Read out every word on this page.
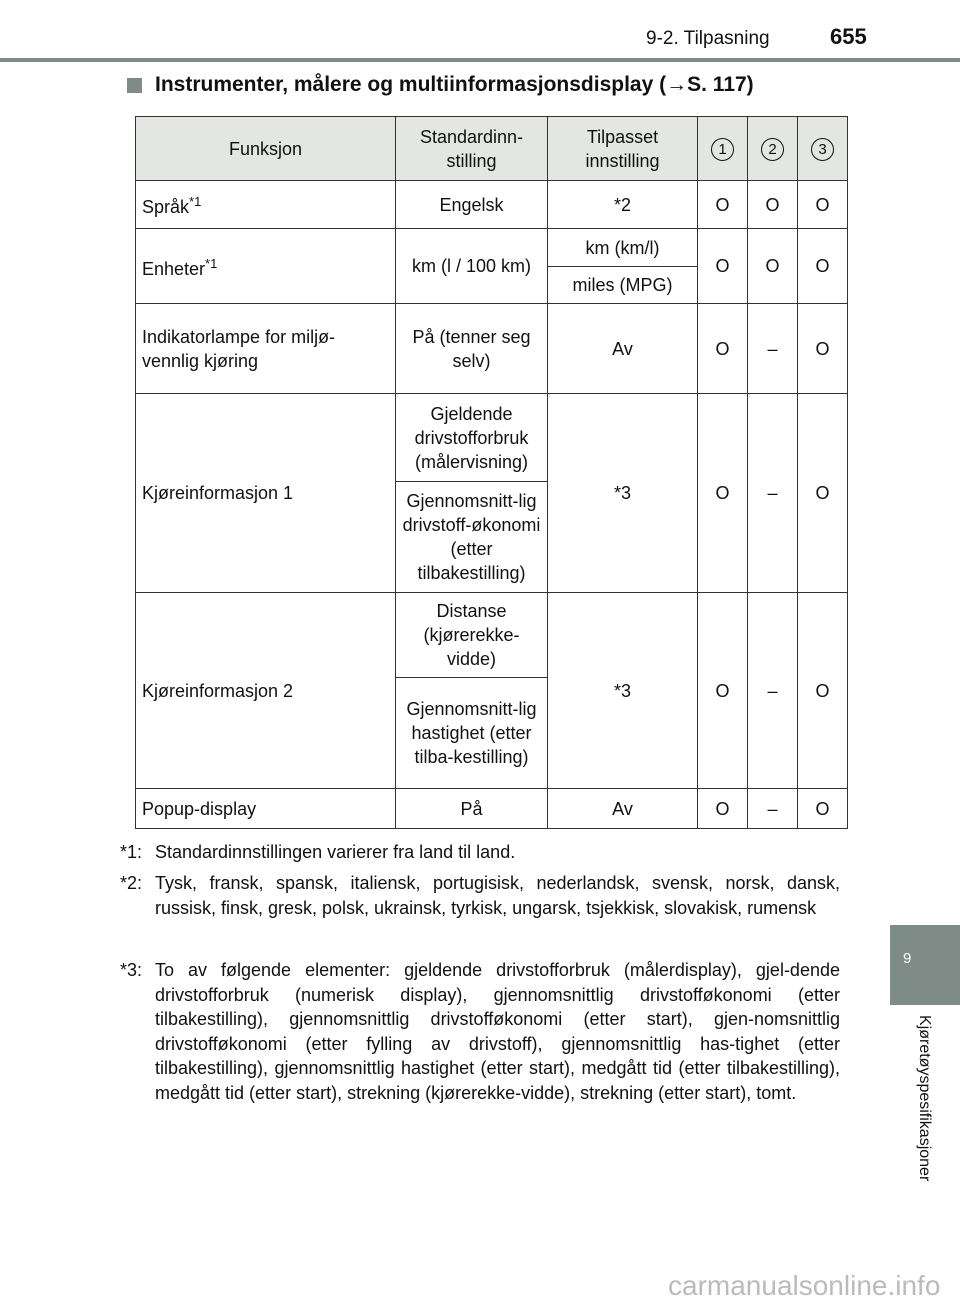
9-2. Tilpasning	655
Instrumenter, målere og multiinformasjonsdisplay (→S. 117)
Funksjon	Standardinn-stilling	Tilpasset innstilling	1	2	3
Språk$^{*1}$	Engelsk	*2	O	O	O
Enheter$^{*1}$	km (l / 100 km)	km (km/l)	O	O	O
		miles (MPG)			
Indikatorlampe for miljø-vennlig kjøring	På (tenner seg selv)	Av	O	–	O
Kjøreinformasjon 1	Gjeldende drivstofforbruk (målervisning)	*3	O	–	O
	Gjennomsnitt-lig drivstoff-økonomi (etter tilbakestilling)				
Kjøreinformasjon 2	Distanse (kjørerekke-vidde)	*3	O	–	O
	Gjennomsnitt-lig hastighet (etter tilba-kestilling)				
Popup-display	På	Av	O	–	O
*1: Standardinnstillingen varierer fra land til land.
*2: Tysk, fransk, spansk, italiensk, portugisisk, nederlandsk, svensk, norsk, dansk, russisk, finsk, gresk, polsk, ukrainsk, tyrkisk, ungarsk, tsjekkisk, slovakisk, rumensk
*3: To av følgende elementer: gjeldende drivstofforbruk (målerdisplay), gjel-dende drivstofforbruk (numerisk display), gjennomsnittlig drivstofføkonomi (etter tilbakestilling), gjennomsnittlig drivstofføkonomi (etter start), gjen-nomsnittlig drivstofføkonomi (etter fylling av drivstoff), gjennomsnittlig has-tighet (etter tilbakestilling), gjennomsnittlig hastighet (etter start), medgått tid (etter tilbakestilling), medgått tid (etter start), strekning (kjørerekke-vidde), strekning (etter start), tomt.
9
Kjøretøyspesifikasjoner
carmanualsonline.info
